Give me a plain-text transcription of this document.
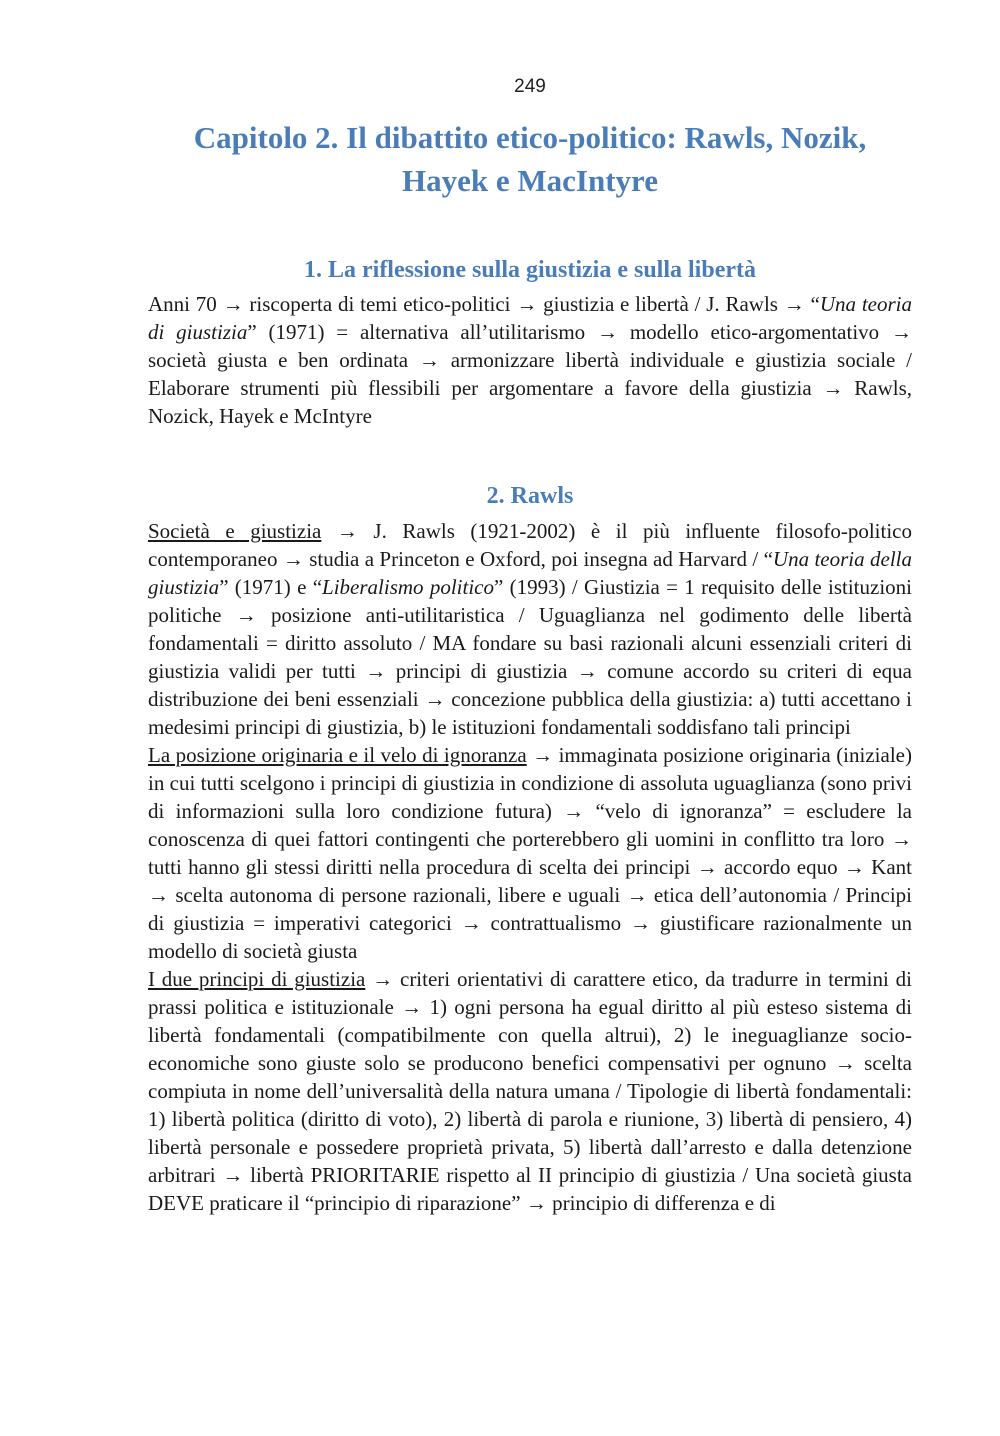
249
Capitolo 2. Il dibattito etico-politico: Rawls, Nozik, Hayek e MacIntyre
1. La riflessione sulla giustizia e sulla libertà

Anni 70 → riscoperta di temi etico-politici → giustizia e libertà / J. Rawls → “Una teoria di giustizia” (1971) = alternativa all’utilitarismo → modello etico-argomentativo → società giusta e ben ordinata → armonizzare libertà individuale e giustizia sociale / Elaborare strumenti più flessibili per argomentare a favore della giustizia → Rawls, Nozick, Hayek e McIntyre

2. Rawls

Società e giustizia → J. Rawls (1921-2002) è il più influente filosofo-politico contemporaneo → studia a Princeton e Oxford, poi insegna ad Harvard / “Una teoria della giustizia” (1971) e “Liberalismo politico” (1993) / Giustizia = 1 requisito delle istituzioni politiche → posizione anti-utilitaristica / Uguaglianza nel godimento delle libertà fondamentali = diritto assoluto / MA fondare su basi razionali alcuni essenziali criteri di giustizia validi per tutti → principi di giustizia → comune accordo su criteri di equa distribuzione dei beni essenziali → concezione pubblica della giustizia: a) tutti accettano i medesimi principi di giustizia, b) le istituzioni fondamentali soddisfano tali principi

La posizione originaria e il velo di ignoranza → immaginata posizione originaria (iniziale) in cui tutti scelgono i principi di giustizia in condizione di assoluta uguaglianza (sono privi di informazioni sulla loro condizione futura) → “velo di ignoranza” = escludere la conoscenza di quei fattori contingenti che porterebbero gli uomini in conflitto tra loro → tutti hanno gli stessi diritti nella procedura di scelta dei principi → accordo equo → Kant → scelta autonoma di persone razionali, libere e uguali → etica dell’autonomia / Principi di giustizia = imperativi categorici → contrattualismo → giustificare razionalmente un modello di società giusta

I due principi di giustizia → criteri orientativi di carattere etico, da tradurre in termini di prassi politica e istituzionale → 1) ogni persona ha egual diritto al più esteso sistema di libertà fondamentali (compatibilmente con quella altrui), 2) le ineguaglianze socio-economiche sono giuste solo se producono benefici compensativi per ognuno → scelta compiuta in nome dell’universalità della natura umana / Tipologie di libertà fondamentali: 1) libertà politica (diritto di voto), 2) libertà di parola e riunione, 3) libertà di pensiero, 4) libertà personale e possedere proprietà privata, 5) libertà dall’arresto e dalla detenzione arbitrari → libertà PRIORITARIE rispetto al II principio di giustizia / Una società giusta DEVE praticare il “principio di riparazione” → principio di differenza e di
